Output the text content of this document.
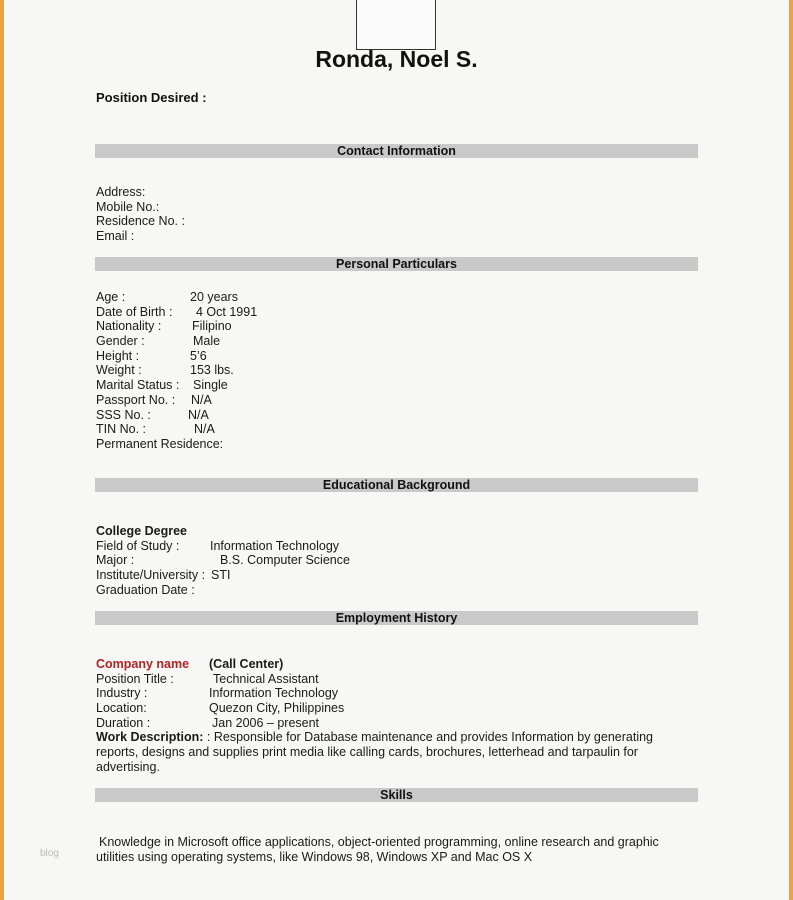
Ronda, Noel S.
Position Desired :
Contact Information
Address:
Mobile No.:
Residence No. :
Email :
Personal Particulars
Age :	20 years
Date of Birth : 4 Oct 1991
Nationality : Filipino
Gender :	Male
Height :	5’6
Weight :	153 lbs.
Marital Status : Single
Passport No. : N/A
SSS No. :	N/A
TIN No. :	N/A
Permanent Residence:
Educational Background
College Degree
Field of Study : Information Technology
Major :	B.S. Computer Science
Institute/University : STI
Graduation Date :
Employment History
Company name (Call Center)
Position Title :	Technical Assistant
Industry :	Information Technology
Location:	Quezon City, Philippines
Duration :	Jan 2006 – present
Work Description: : Responsible for Database maintenance and provides Information by generating reports, designs and supplies print media like calling cards, brochures, letterhead and tarpaulin for advertising.
Skills
Knowledge in Microsoft office applications, object-oriented programming, online research and graphic utilities using operating systems, like Windows 98, Windows XP and Mac OS X
blog
